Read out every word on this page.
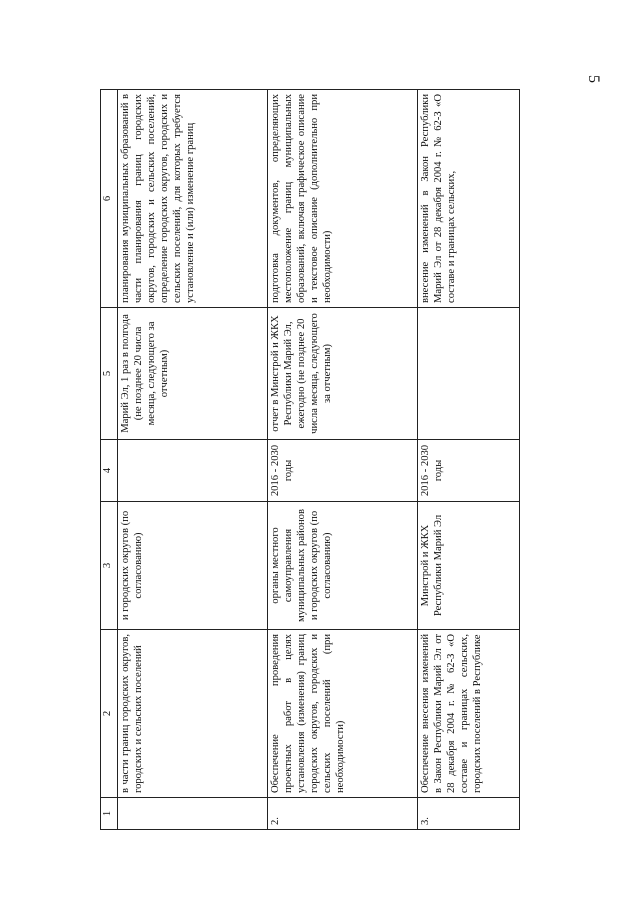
5
1	2	3	4	5	6
	в части границ городских округов, городских и сельских поселений	и городских округов (по согласованию)		Марий Эл, 1 раз в полгода (не позднее 20 числа месяца, следующего за отчетным)	планирования муниципальных образований в части планирования границ городских округов, городских и сельских поселений, определение городских округов, городских и сельских поселений, для которых требуется установление и (или) изменение границ
2.	Обеспечение проведения проектных работ в целях установления (изменения) границ городских округов, городских и сельских поселений (при необходимости)	органы местного самоуправления муниципальных районов и городских округов (по согласованию)	2016 - 2030 годы	отчет в Минстрой и ЖКХ Республики Марий Эл, ежегодно (не позднее 20 числа месяца, следующего за отчетным)	подготовка документов, определяющих местоположение границ муниципальных образований, включая графическое описание и текстовое описание (дополнительно при необходимости)
3.	Обеспечение внесения изменений в Закон Республики Марий Эл от 28 декабря 2004 г. № 62-З «О составе и границах сельских, городских поселений в Республике	Минстрой и ЖКХ Республики Марий Эл	2016 - 2030 годы		внесение изменений в Закон Республики Марий Эл от 28 декабря 2004 г. № 62-З «О составе и границах сельских,
